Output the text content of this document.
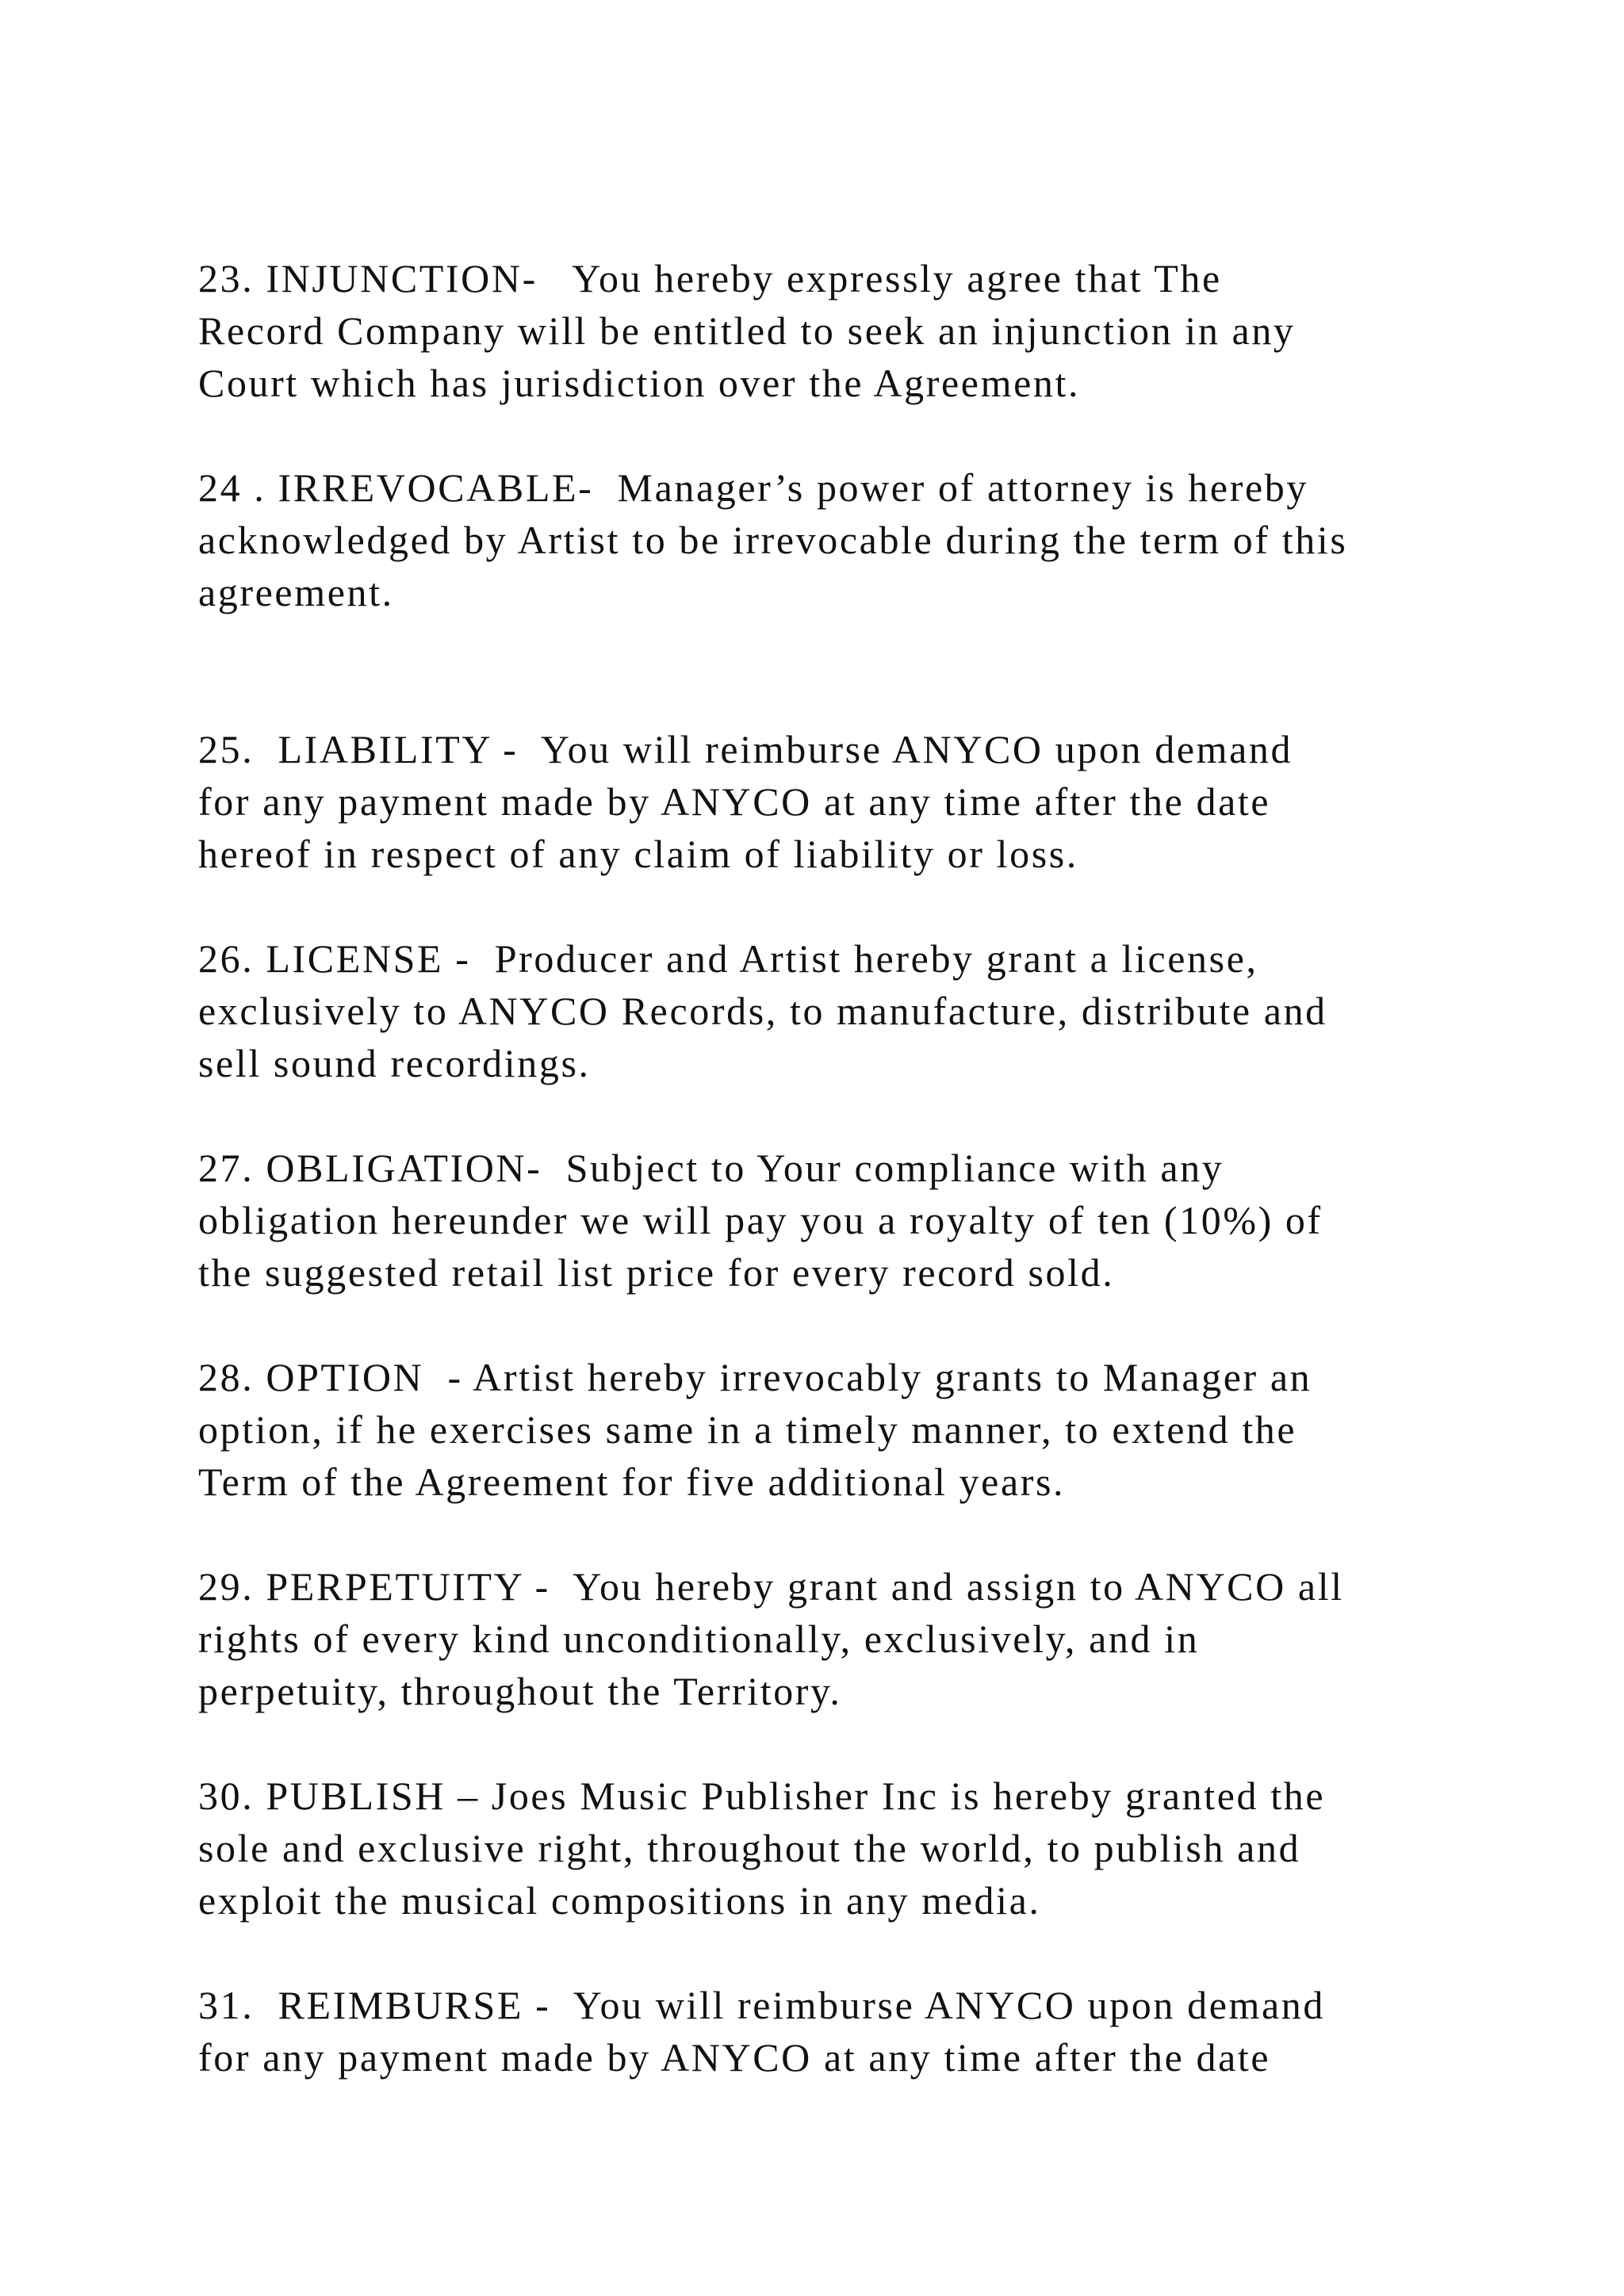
23. INJUNCTION-   You hereby expressly agree that The

Record Company will be entitled to seek an injunction in any

Court which has jurisdiction over the Agreement.

24 . IRREVOCABLE-  Manager’s power of attorney is hereby

acknowledged by Artist to be irrevocable during the term of this

agreement.

25.  LIABILITY -  You will reimburse ANYCO upon demand

for any payment made by ANYCO at any time after the date

hereof in respect of any claim of liability or loss.

26. LICENSE -  Producer and Artist hereby grant a license,

exclusively to ANYCO Records, to manufacture, distribute and

sell sound recordings.

27. OBLIGATION-  Subject to Your compliance with any

obligation hereunder we will pay you a royalty of ten (10%) of

the suggested retail list price for every record sold.

28. OPTION  - Artist hereby irrevocably grants to Manager an

option, if he exercises same in a timely manner, to extend the

Term of the Agreement for five additional years.

29. PERPETUITY -  You hereby grant and assign to ANYCO all

rights of every kind unconditionally, exclusively, and in

perpetuity, throughout the Territory.

30. PUBLISH – Joes Music Publisher Inc is hereby granted the

sole and exclusive right, throughout the world, to publish and

exploit the musical compositions in any media.

31.  REIMBURSE -  You will reimburse ANYCO upon demand

for any payment made by ANYCO at any time after the date
